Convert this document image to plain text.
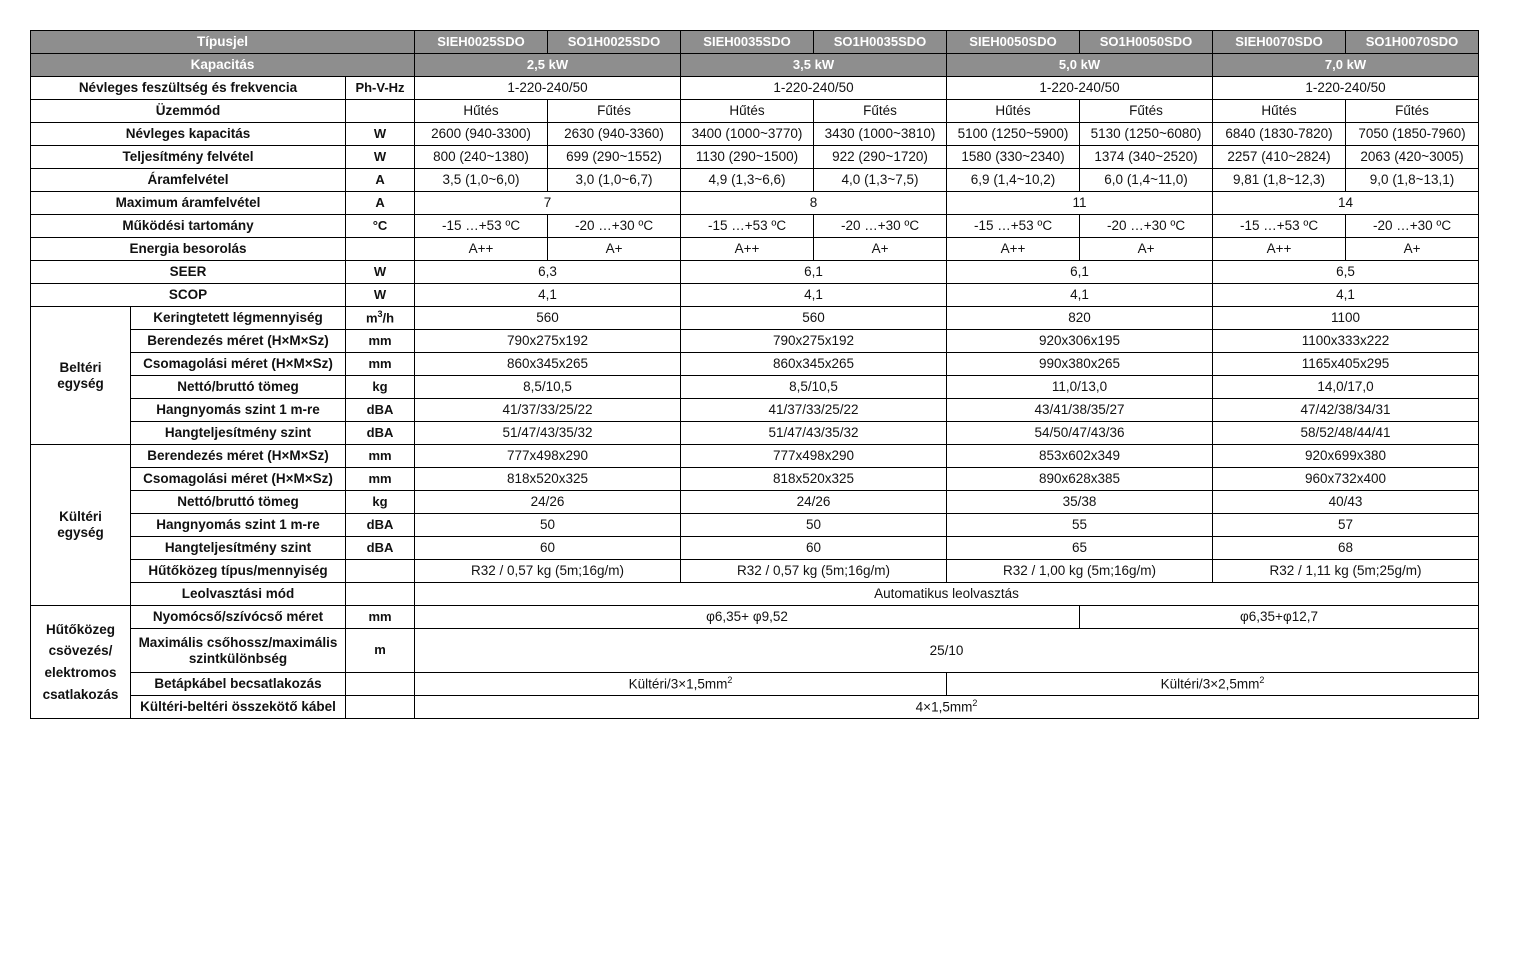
Típusjel			SIEH0025SDO	SO1H0025SDO	SIEH0035SDO	SO1H0035SDO	SIEH0050SDO	SO1H0050SDO	SIEH0070SDO	SO1H0070SDO
Kapacitás			2,5 kW		3,5 kW		5,0 kW		7,0 kW	
Névleges feszültség és frekvencia		Ph-V-Hz	1-220-240/50		1-220-240/50		1-220-240/50		1-220-240/50	
Üzemmód			Hűtés	Fűtés	Hűtés	Fűtés	Hűtés	Fűtés	Hűtés	Fűtés
Névleges kapacitás		W	2600 (940-3300)	2630 (940-3360)	3400 (1000~3770)	3430 (1000~3810)	5100 (1250~5900)	5130 (1250~6080)	6840 (1830-7820)	7050 (1850-7960)
Teljesítmény felvétel		W	800 (240~1380)	699 (290~1552)	1130 (290~1500)	922 (290~1720)	1580 (330~2340)	1374 (340~2520)	2257 (410~2824)	2063 (420~3005)
Áramfelvétel		A	3,5 (1,0~6,0)	3,0 (1,0~6,7)	4,9 (1,3~6,6)	4,0 (1,3~7,5)	6,9 (1,4~10,2)	6,0 (1,4~11,0)	9,81 (1,8~12,3)	9,0 (1,8~13,1)
Maximum áramfelvétel		A	7		8		11		14	
Működési tartomány		°C	-15 …+53 ºC	-20 …+30 ºC	-15 …+53 ºC	-20 …+30 ºC	-15 …+53 ºC	-20 …+30 ºC	-15 …+53 ºC	-20 …+30 ºC
Energia besorolás			A++	A+	A++	A+	A++	A+	A++	A+
SEER		W	6,3		6,1		6,1		6,5	
SCOP		W	4,1		4,1		4,1		4,1	
Beltéri egység	Keringtetett légmennyiség	$m^3/h$	560		560		820		1100	
	Berendezés méret (H×M×Sz)	mm	790x275x192		790x275x192		920x306x195		1100x333x222	
	Csomagolási méret (H×M×Sz)	mm	860x345x265		860x345x265		990x380x265		1165x405x295	
	Nettó/bruttó tömeg	kg	8,5/10,5		8,5/10,5		11,0/13,0		14,0/17,0	
	Hangnyomás szint 1 m-re	dBA	41/37/33/25/22		41/37/33/25/22		43/41/38/35/27		47/42/38/34/31	
	Hangteljesítmény szint	dBA	51/47/43/35/32		51/47/43/35/32		54/50/47/43/36		58/52/48/44/41	
Kültéri egység	Berendezés méret (H×M×Sz)	mm	777x498x290		777x498x290		853x602x349		920x699x380	
	Csomagolási méret (H×M×Sz)	mm	818x520x325		818x520x325		890x628x385		960x732x400	
	Nettó/bruttó tömeg	kg	24/26		24/26		35/38		40/43	
	Hangnyomás szint 1 m-re	dBA	50		50		55		57	
	Hangteljesítmény szint	dBA	60		60		65		68	
	Hűtőközeg típus/mennyiség		R32 / 0,57 kg (5m;16g/m)		R32 / 0,57 kg (5m;16g/m)		R32 / 1,00 kg (5m;16g/m)		R32 / 1,11 kg (5m;25g/m)	
	Leolvasztási mód		Automatikus leolvasztás							
Hűtőközeg csövezés/ elektromos csatlakozás	Nyomócső/szívócső méret	mm	φ6,35+ φ9,52					φ6,35+φ12,7		
	Maximális csőhossz/maximális szintkülönbség	m	25/10							
	Betápkábel becsatlakozás		Kültéri/$3\times 1,5mm^2$				Kültéri/$3\times 2,5mm^2$
	Kültéri-beltéri összekötő kábel		$4\times 1,5mm^2$
